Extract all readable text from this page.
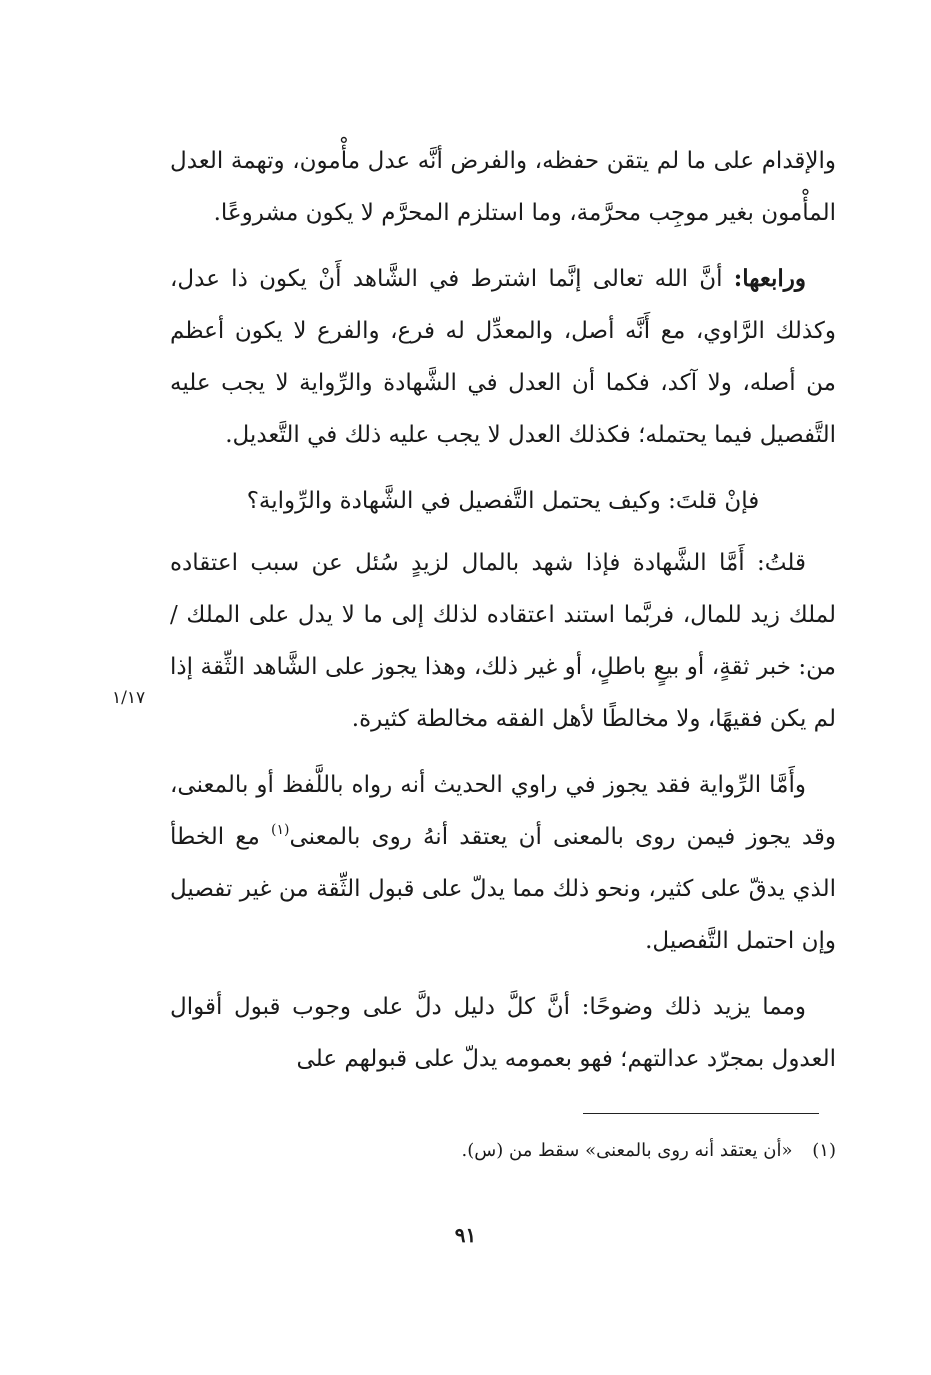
والإقدام على ما لم يتقن حفظه، والفرض أنَّه عدل مأْمون، وتهمة العدل المأْمون بغير موجِب محرَّمة، وما استلزم المحرَّم لا يكون مشروعًا.

ورابعها: أنَّ الله تعالى إنَّما اشترط في الشَّاهد أَنْ يكون ذا عدل، وكذلك الرَّاوي، مع أَنَّه أصل، والمعدِّل له فرع، والفرع لا يكون أعظم من أصله، ولا آكد، فكما أن العدل في الشَّهادة والرِّواية لا يجب عليه التَّفصيل فيما يحتمله؛ فكذلك العدل لا يجب عليه ذلك في التَّعديل.

فإنْ قلتَ: وكيف يحتمل التَّفصيل في الشَّهادة والرِّواية؟

قلتُ: أَمَّا الشَّهادة فإذا شهد بالمال لزيدٍ سُئل عن سبب اعتقاده لملك زيد للمال، فربَّما استند اعتقاده لذلك إلى ما لا يدل على الملك / من: خبر ثقةٍ، أو بيعٍ باطلٍ، أو غير ذلك، وهذا يجوز على الشَّاهد الثِّقة إذا لم يكن فقيهًا، ولا مخالطًا لأهل الفقه مخالطة كثيرة.

وأَمَّا الرِّواية فقد يجوز في راوي الحديث أنه رواه باللَّفظ أو بالمعنى، وقد يجوز فيمن روى بالمعنى أن يعتقد أنهُ روى بالمعنى$^{(١)}$ مع الخطأ الذي يدقّ على كثير، ونحو ذلك مما يدلّ على قبول الثِّقة من غير تفصيل وإن احتمل التَّفصيل.

ومما يزيد ذلك وضوحًا: أنَّ كلَّ دليل دلَّ على وجوب قبول أقوال العدول بمجرّد عدالتهم؛ فهو بعمومه يدلّ على قبولهم على

١/١٧
(١) «أن يعتقد أنه روى بالمعنى» سقط من (س).
٩١
